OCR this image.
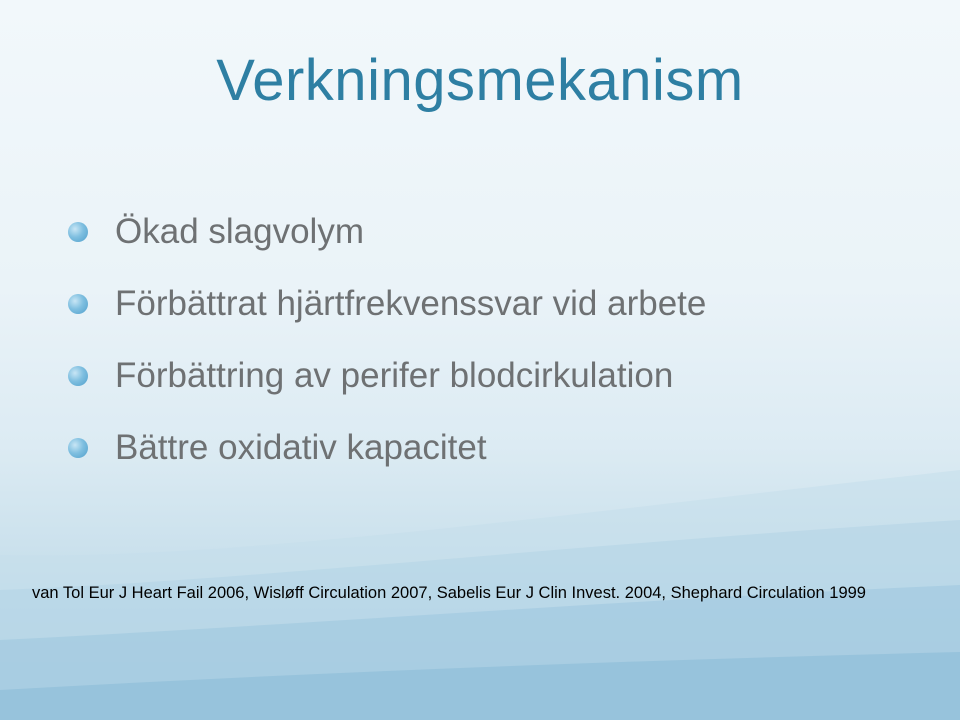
Verkningsmekanism
Ökad slagvolym
Förbättrat hjärtfrekvenssvar vid arbete
Förbättring av perifer blodcirkulation
Bättre oxidativ kapacitet

van Tol Eur J Heart Fail 2006, Wisløff Circulation 2007, Sabelis Eur J Clin Invest. 2004, Shephard Circulation 1999
